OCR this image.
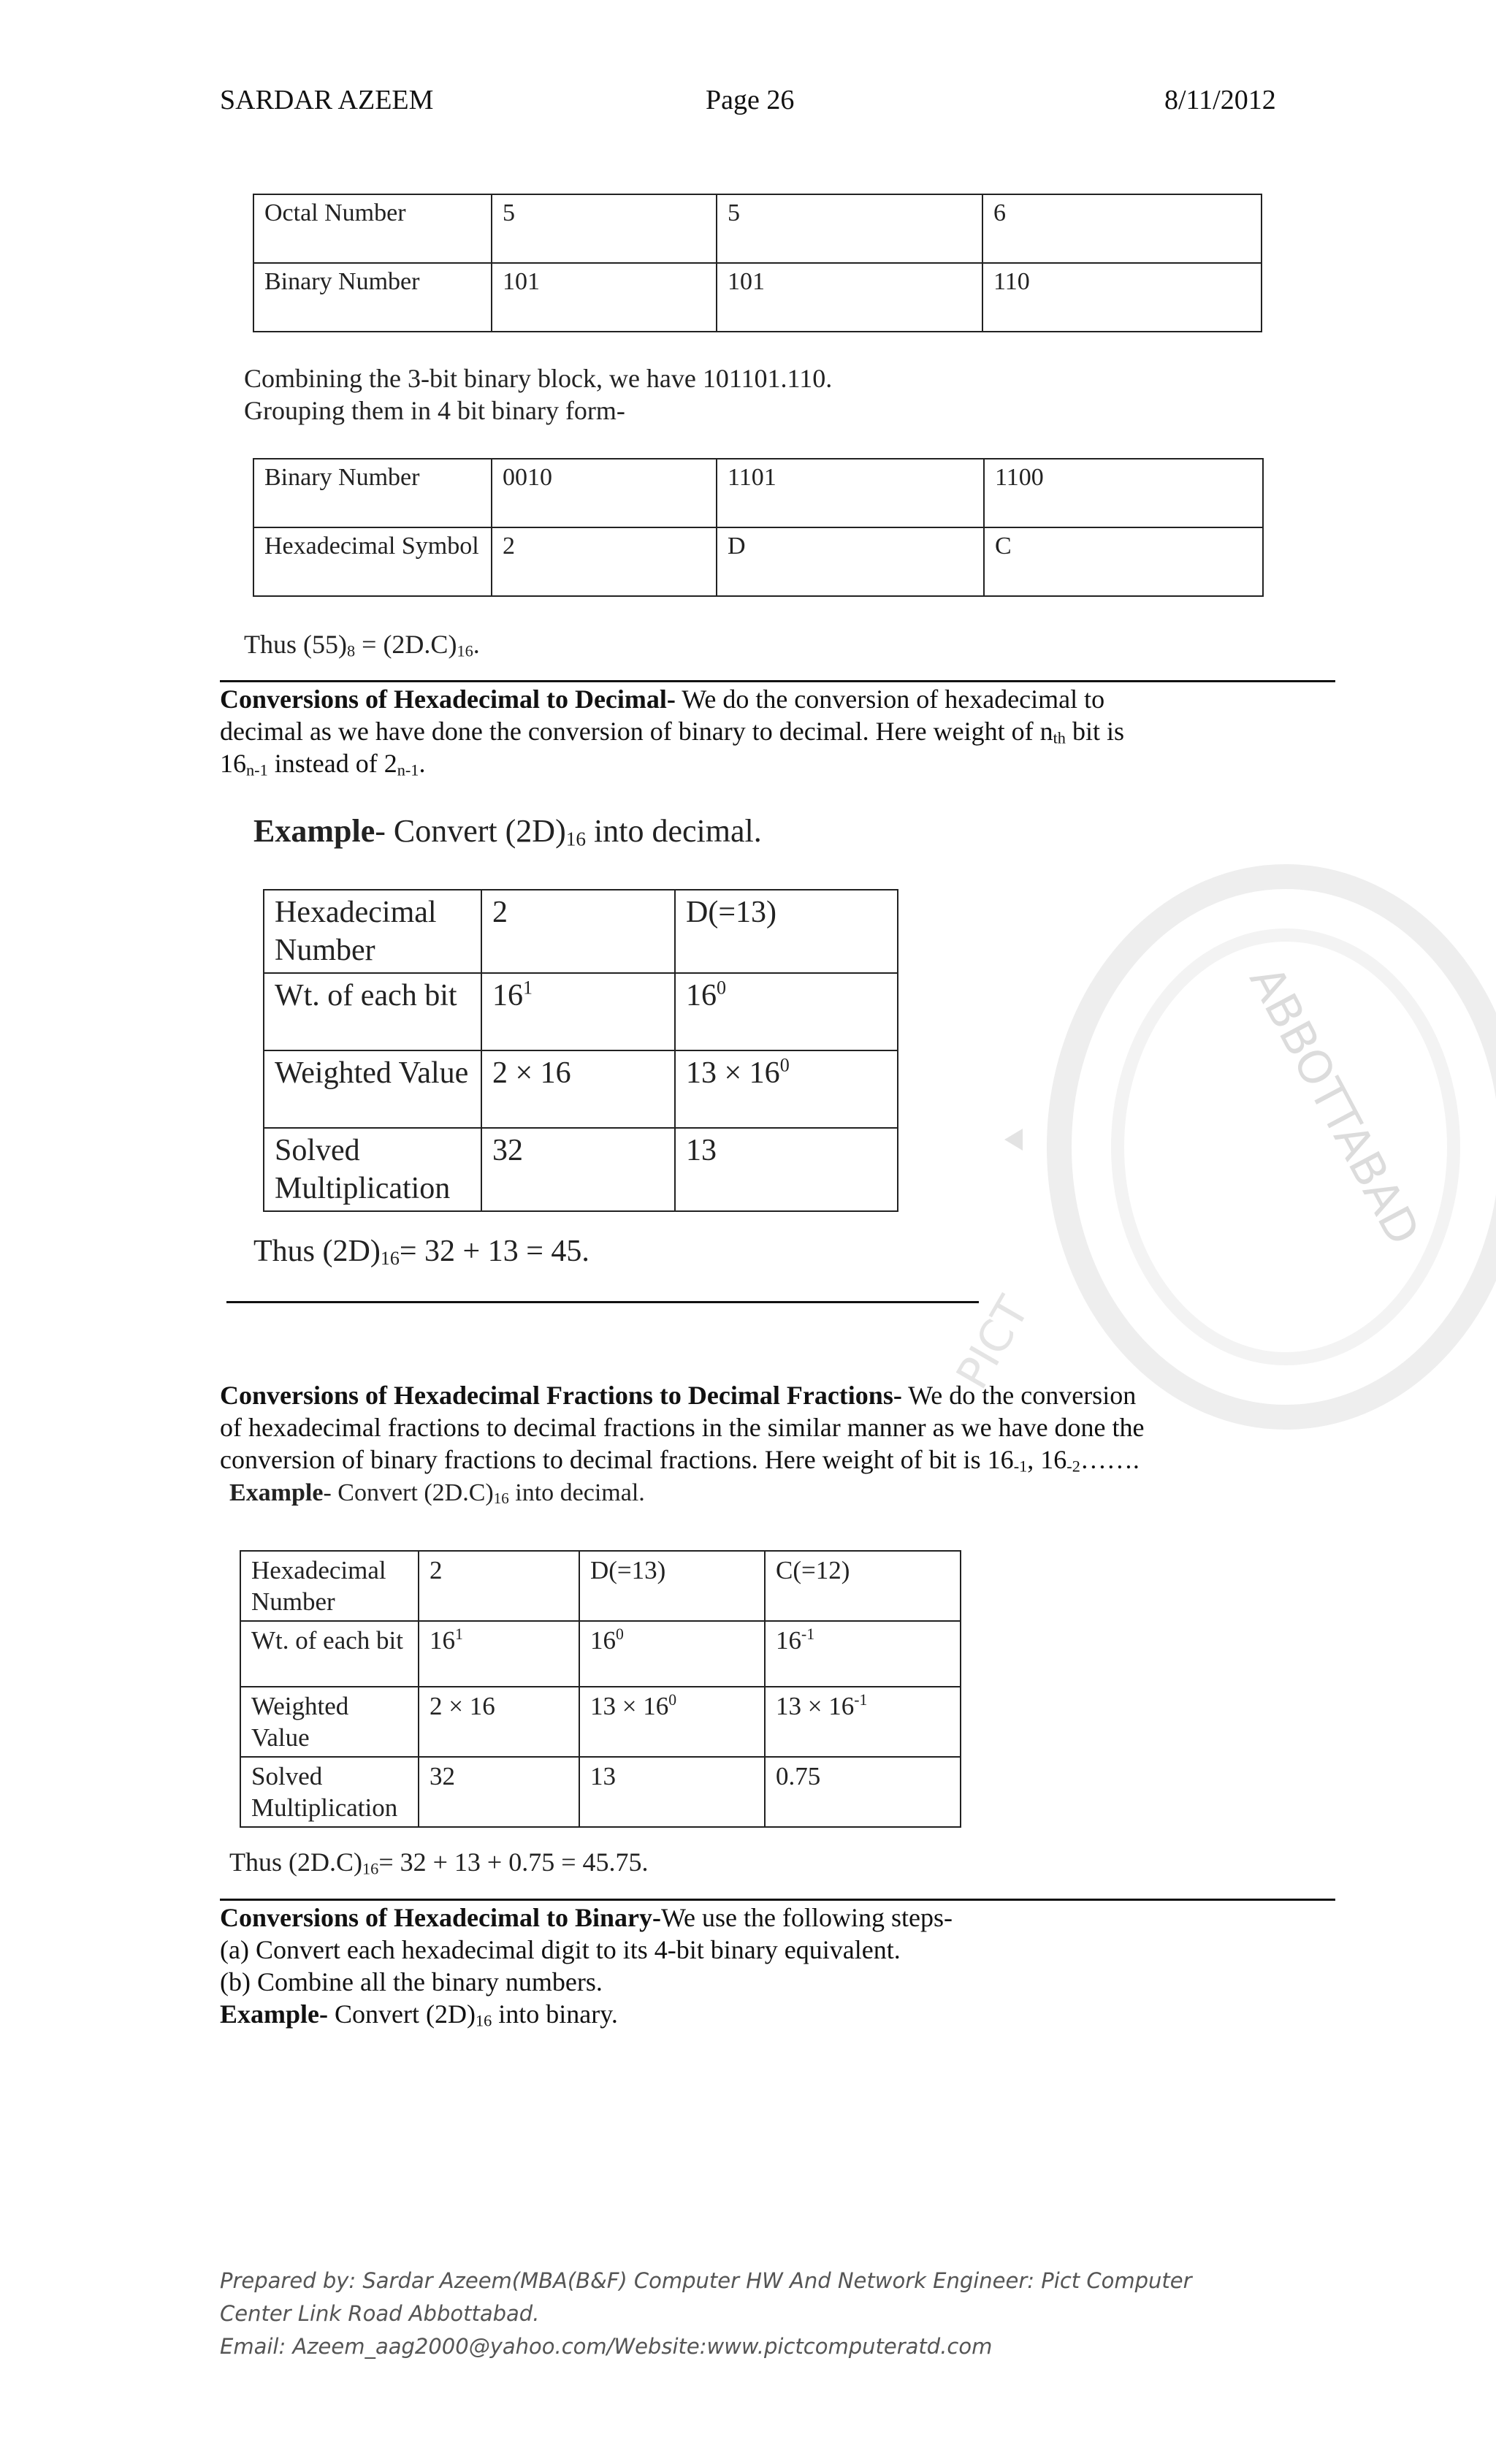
SARDAR AZEEM	Page 26	8/11/2012
ABBOTTABAD
PICT
Octal Number	5	5	6
Binary Number	101	101	110
Combining the 3-bit binary block, we have 101101.110.
Grouping them in 4 bit binary form-
Binary Number	0010	1101	1100
Hexadecimal Symbol	2	D	C
Thus $(55)_8 = (2D.C)_{16}$.
Conversions of Hexadecimal to Decimal- We do the conversion of hexadecimal to
decimal as we have done the conversion of binary to decimal. Here weight of $n_{th}$ bit is
$16_{n-1}$ instead of $2_{n-1}$.
Example- Convert $(2D)_{16}$ into decimal.
Hexadecimal Number	2	D(=13)
Wt. of each bit	$16^1$	$16^0$
Weighted Value	2 × 16	$13 \times 16^0$
Solved Multiplication	32	13
Thus $(2D)_{16}= 32 + 13 = 45$.
Conversions of Hexadecimal Fractions to Decimal Fractions- We do the conversion
of hexadecimal fractions to decimal fractions in the similar manner as we have done the
conversion of binary fractions to decimal fractions. Here weight of bit is $16_{-1}$, $16_{-2}\dots\dots$.
Example- Convert $(2D.C)_{16}$ into decimal.
Hexadecimal Number	2	D(=13)	C(=12)
Wt. of each bit	$16^1$	$16^0$	$16^{-1}$
Weighted Value	2 × 16	$13 \times 16^0$	$13 \times 16^{-1}$
Solved Multiplication	32	13	0.75
Thus $(2D.C)_{16}= 32 + 13 + 0.75 = 45.75$.
Conversions of Hexadecimal to Binary-We use the following steps-
(a) Convert each hexadecimal digit to its 4-bit binary equivalent.
(b) Combine all the binary numbers.
Example- Convert $(2D)_{16}$ into binary.
Prepared by: Sardar Azeem(MBA(B&F) Computer HW And Network Engineer: Pict Computer
Center Link Road Abbottabad.
Email: Azeem_aag2000@yahoo.com/Website:www.pictcomputeratd.com
